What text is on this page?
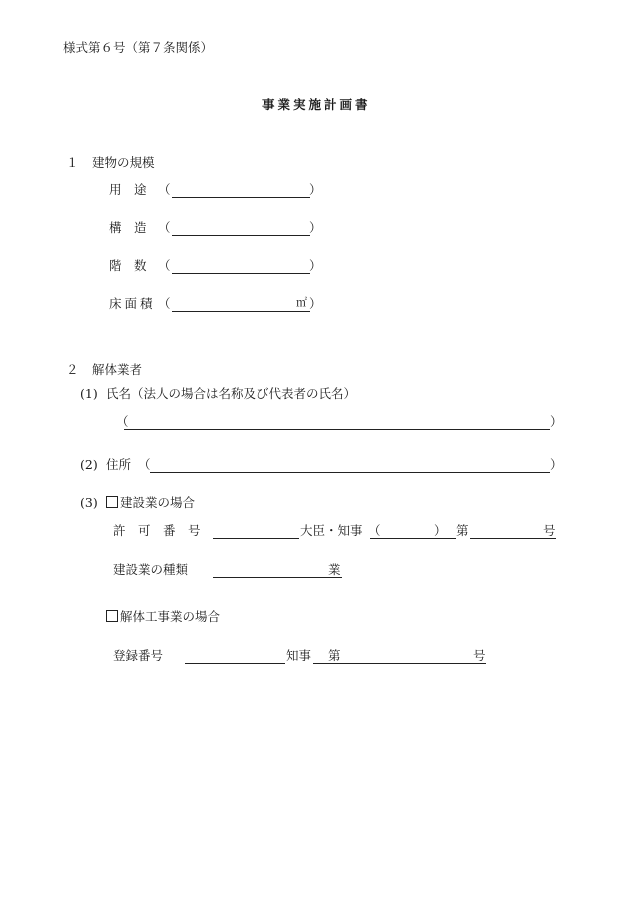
様式第６号（第７条関係）
事業実施計画書
１ 建物の規模
用　途 （	）
構　造 （	）
階　数 （	）
床面積 （	㎡ ）
２ 解体業者
(1) 氏名（法人の場合は名称及び代表者の氏名）
（	）
(2) 住所 （	）
(3)	建設業の場合
許　可　番　号	大臣・知事 （	） 第	号
建設業の種類	業
解体工事業の場合
登録番号	知事 第	号
